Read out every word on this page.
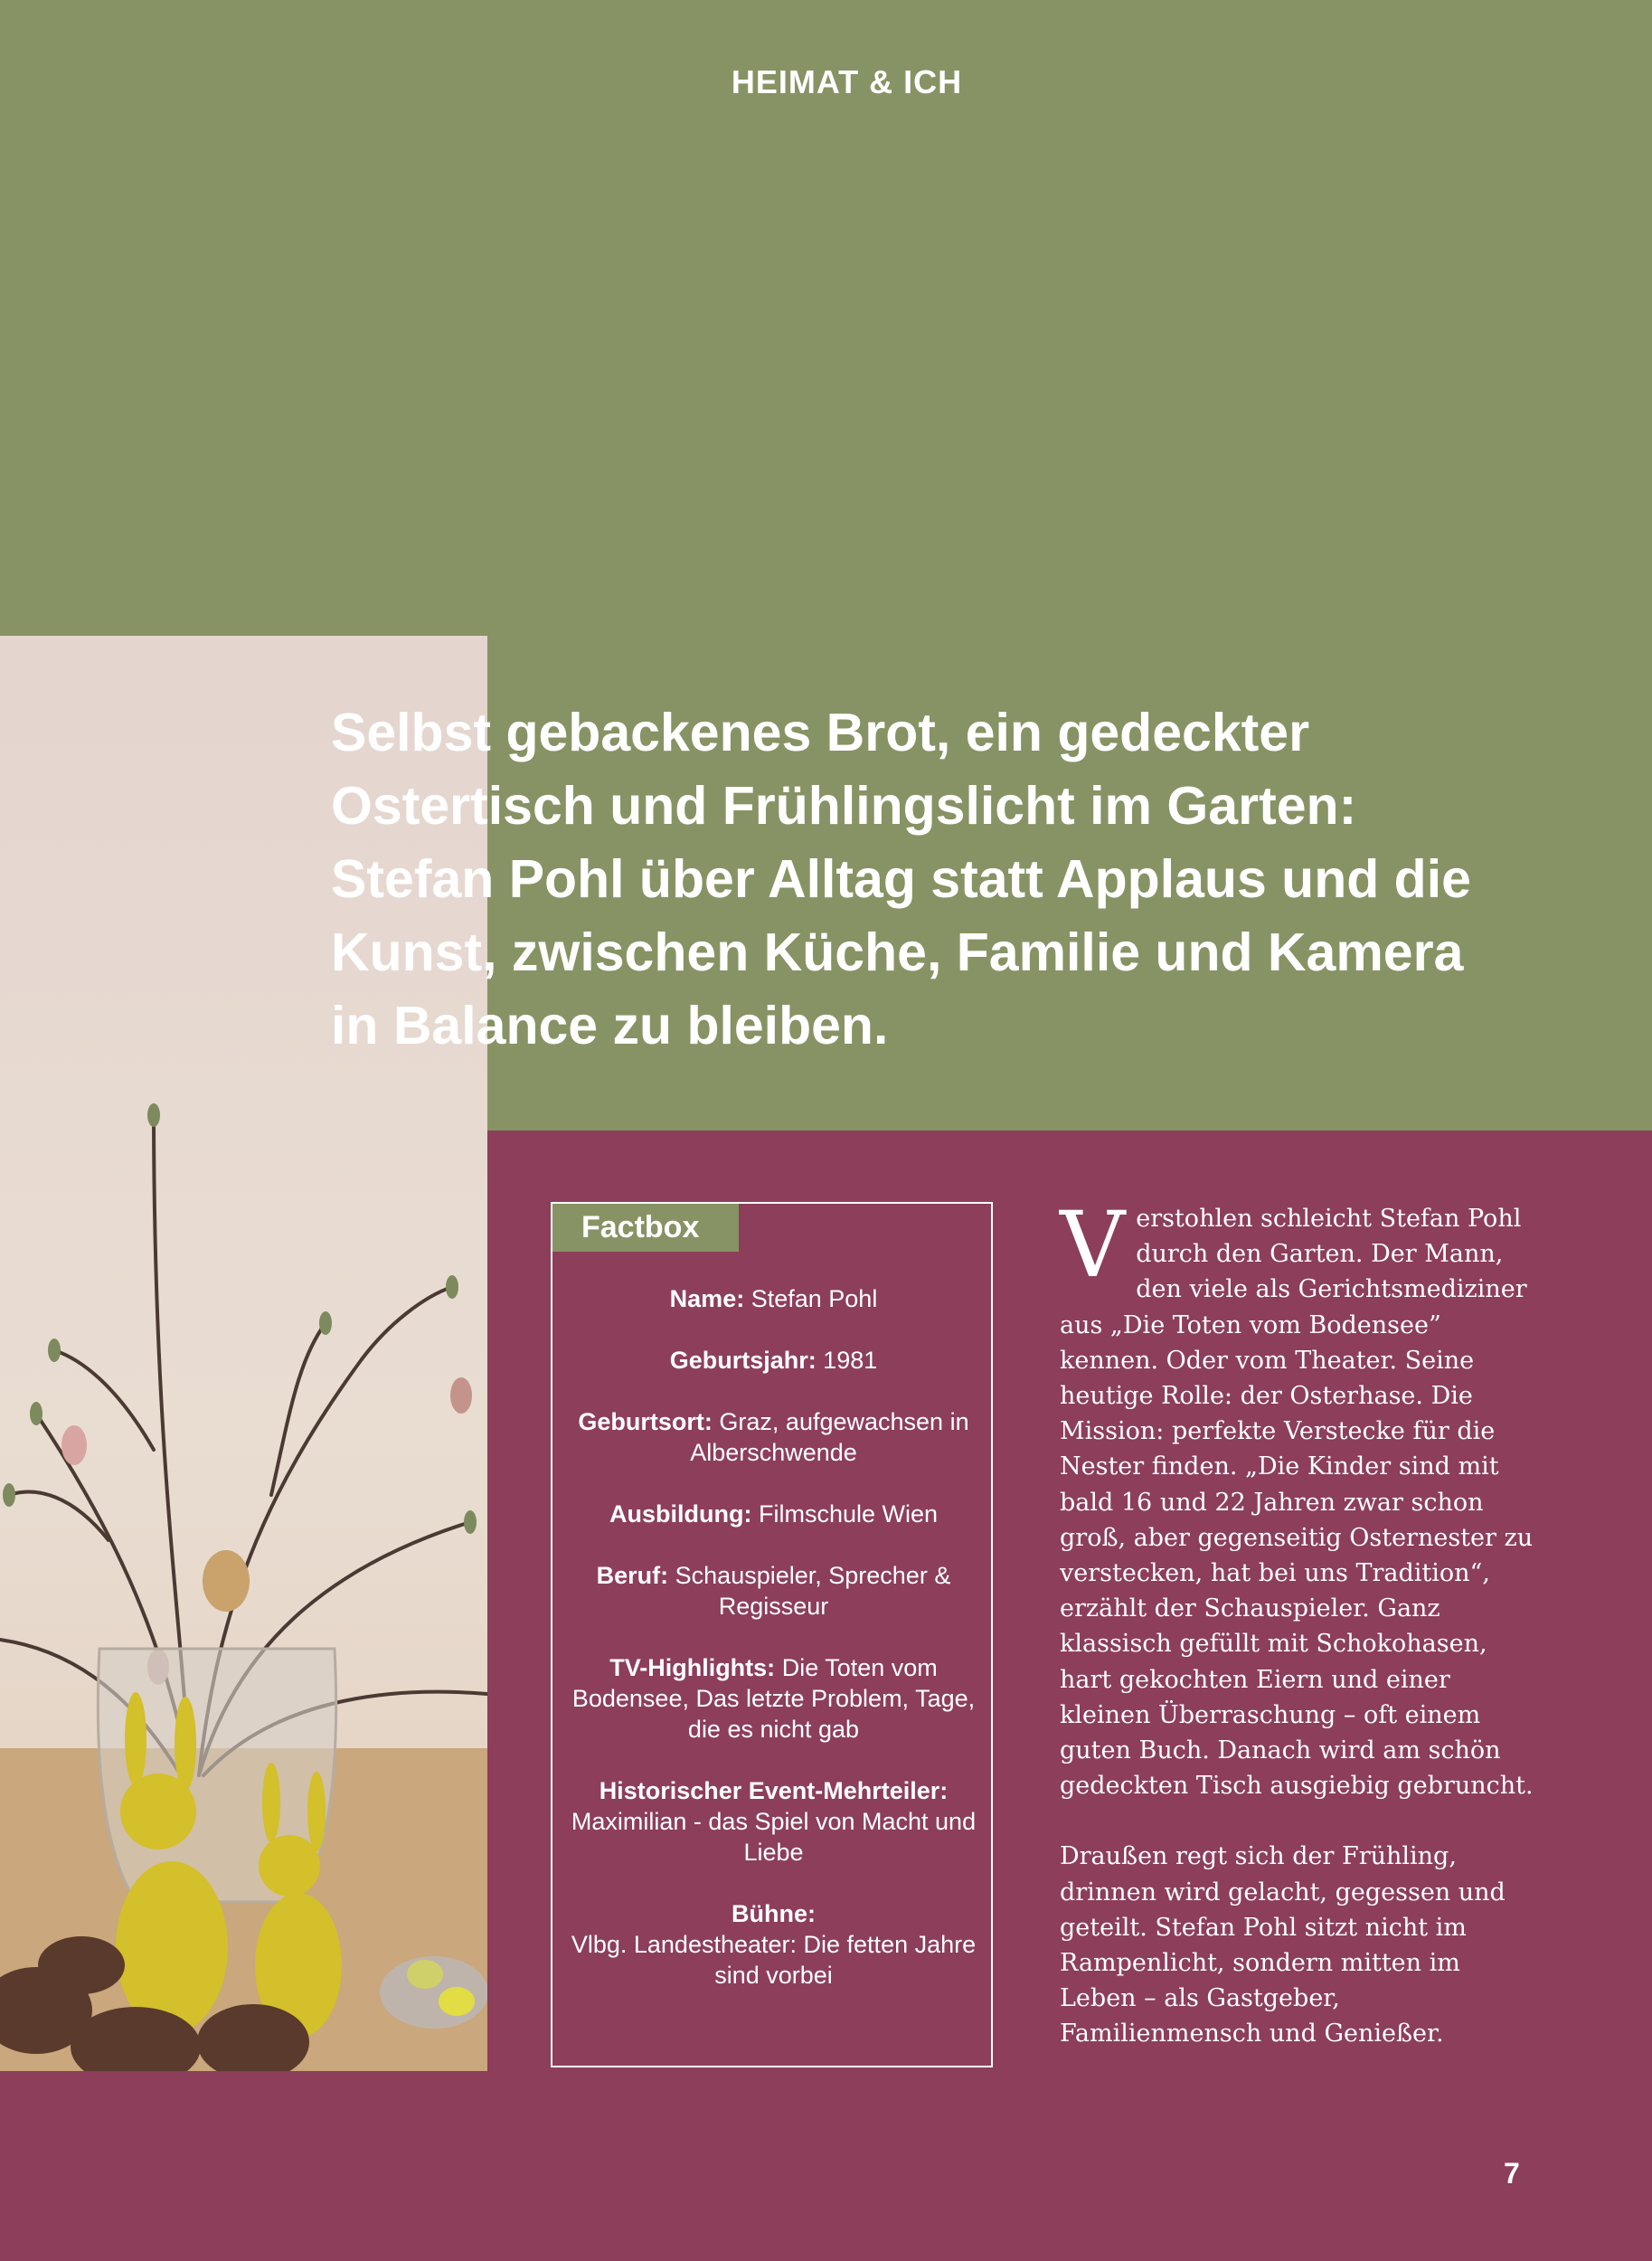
HEIMAT & ICH

Selbst gebackenes Brot, ein gedeckter Ostertisch und Frühlingslicht im Garten: Stefan Pohl über Alltag statt Applaus und die Kunst, zwischen Küche, Familie und Kamera in Balance zu bleiben.

Factbox

Name: Stefan Pohl

Geburtsjahr: 1981

Geburtsort: Graz, aufgewachsen in Alberschwende

Ausbildung: Filmschule Wien

Beruf: Schauspieler, Sprecher & Regisseur

TV-Highlights: Die Toten vom Bodensee, Das letzte Problem, Tage, die es nicht gab

Historischer Event-Mehrteiler:
Maximilian - das Spiel von Macht und Liebe

Bühne:
Vlbg. Landestheater: Die fetten Jahre sind vorbei

Verstohlen schleicht Stefan Pohl durch den Garten. Der Mann, den viele als Gerichtsmediziner aus „Die Toten vom Bodensee” kennen. Oder vom Theater. Seine heutige Rolle: der Osterhase. Die Mission: perfekte Verstecke für die Nester finden. „Die Kinder sind mit bald 16 und 22 Jahren zwar schon groß, aber gegenseitig Osternester zu verstecken, hat bei uns Tradition“, erzählt der Schauspieler. Ganz klassisch gefüllt mit Schokohasen, hart gekochten Eiern und einer kleinen Überraschung – oft einem guten Buch. Danach wird am schön gedeckten Tisch ausgiebig gebruncht.

Draußen regt sich der Frühling, drinnen wird gelacht, gegessen und geteilt. Stefan Pohl sitzt nicht im Rampenlicht, sondern mitten im Leben – als Gastgeber, Familienmensch und Genießer.

7
